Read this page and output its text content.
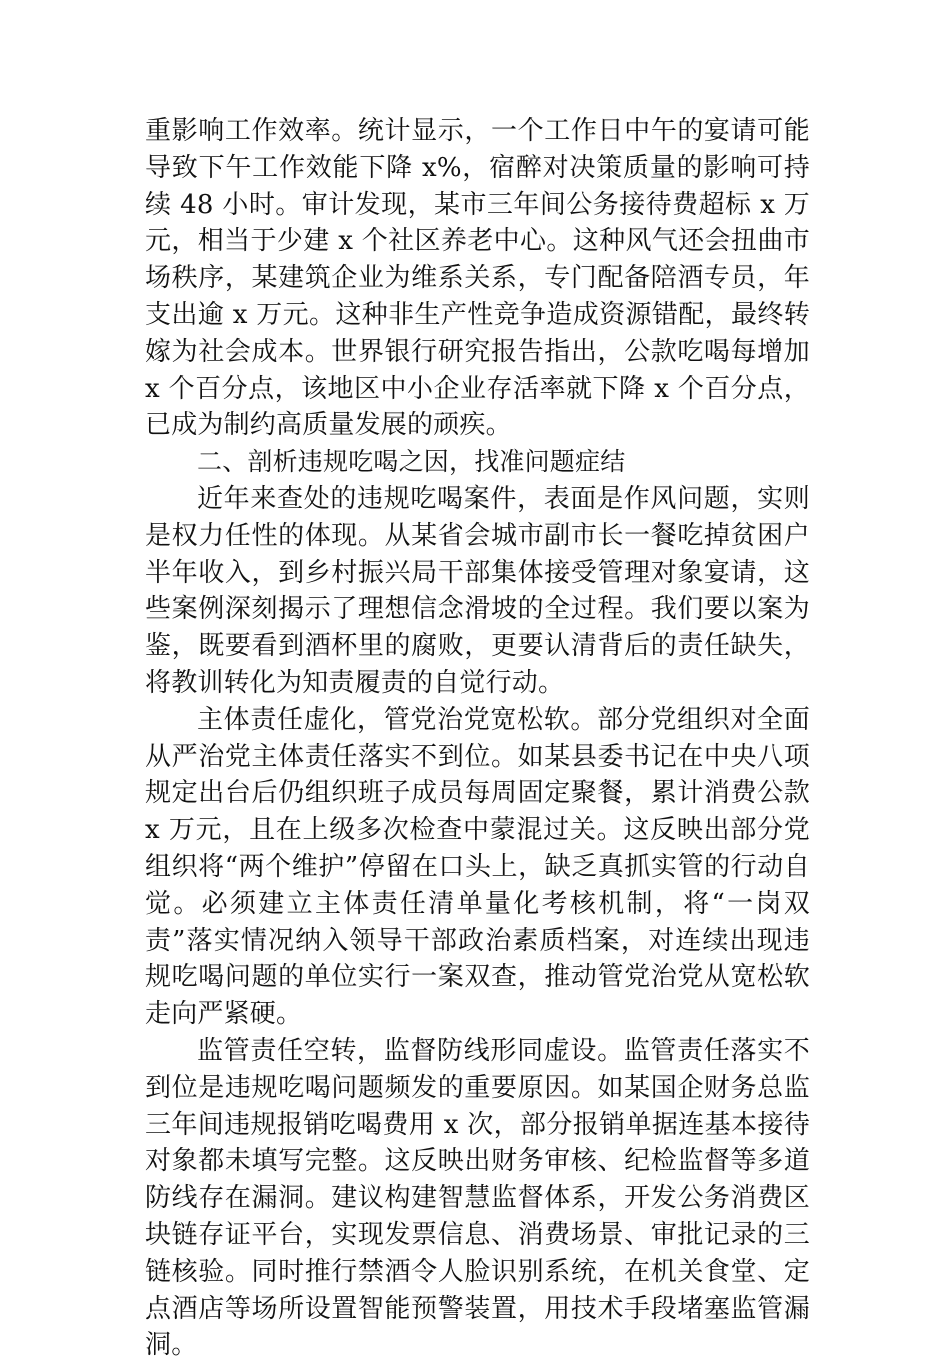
重影响工作效率。统计显示，一个工作日中午的宴请可能导致下午工作效能下降 x%，宿醉对决策质量的影响可持续 48 小时。审计发现，某市三年间公务接待费超标 x 万元，相当于少建 x 个社区养老中心。这种风气还会扭曲市场秩序，某建筑企业为维系关系，专门配备陪酒专员，年支出逾 x 万元。这种非生产性竞争造成资源错配，最终转嫁为社会成本。世界银行研究报告指出，公款吃喝每增加 x 个百分点，该地区中小企业存活率就下降 x 个百分点，已成为制约高质量发展的顽疾。

二、剖析违规吃喝之因，找准问题症结

近年来查处的违规吃喝案件，表面是作风问题，实则是权力任性的体现。从某省会城市副市长一餐吃掉贫困户半年收入，到乡村振兴局干部集体接受管理对象宴请，这些案例深刻揭示了理想信念滑坡的全过程。我们要以案为鉴，既要看到酒杯里的腐败，更要认清背后的责任缺失，将教训转化为知责履责的自觉行动。

主体责任虚化，管党治党宽松软。部分党组织对全面从严治党主体责任落实不到位。如某县委书记在中央八项规定出台后仍组织班子成员每周固定聚餐，累计消费公款 x 万元，且在上级多次检查中蒙混过关。这反映出部分党组织将“两个维护”停留在口头上，缺乏真抓实管的行动自觉。必须建立主体责任清单量化考核机制，将“一岗双责”落实情况纳入领导干部政治素质档案，对连续出现违规吃喝问题的单位实行一案双查，推动管党治党从宽松软走向严紧硬。

监管责任空转，监督防线形同虚设。监管责任落实不到位是违规吃喝问题频发的重要原因。如某国企财务总监三年间违规报销吃喝费用 x 次，部分报销单据连基本接待对象都未填写完整。这反映出财务审核、纪检监督等多道防线存在漏洞。建议构建智慧监督体系，开发公务消费区块链存证平台，实现发票信息、消费场景、审批记录的三链核验。同时推行禁酒令人脸识别系统，在机关食堂、定点酒店等场所设置智能预警装置，用技术手段堵塞监管漏洞。
